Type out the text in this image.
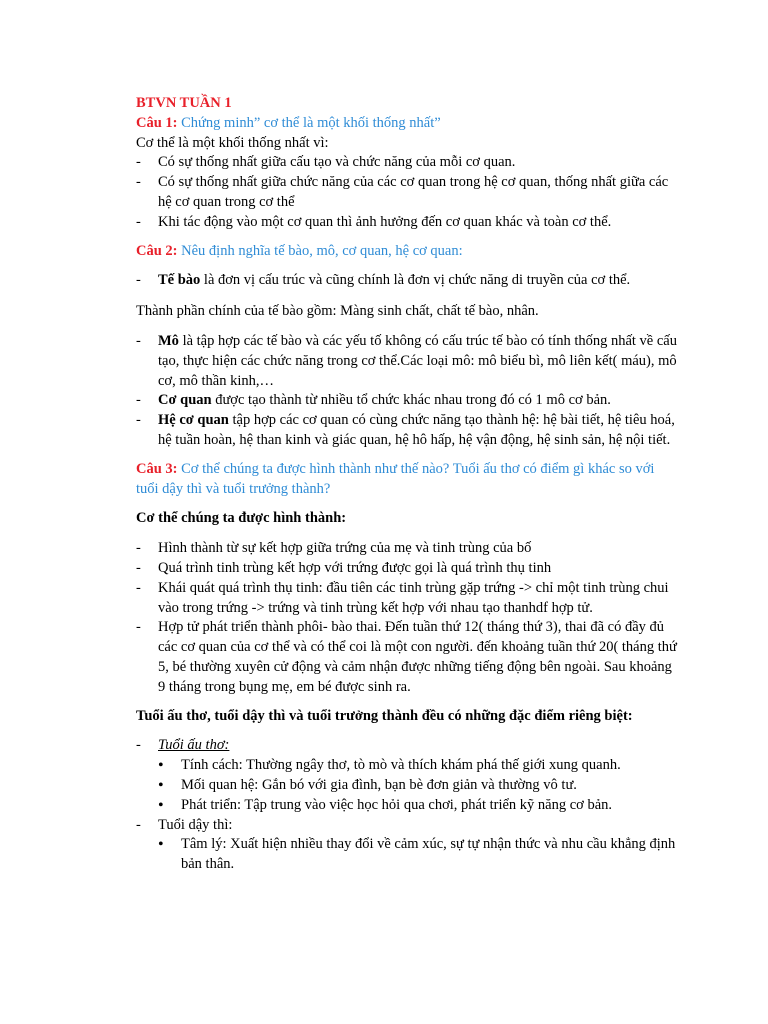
BTVN TUẦN 1

Câu 1: Chứng minh” cơ thể là một khối thống nhất”

Cơ thể là một khối thống nhất vì:

- Có sự thống nhất giữa cấu tạo và chức năng của mỗi cơ quan.

- Có sự thống nhất giữa chức năng của các cơ quan trong hệ cơ quan, thống nhất giữa các hệ cơ quan trong cơ thể

- Khi tác động vào một cơ quan thì ảnh hưởng đến cơ quan khác và toàn cơ thể.

Câu 2: Nêu định nghĩa tế bào, mô, cơ quan, hệ cơ quan:

- Tế bào là đơn vị cấu trúc và cũng chính là đơn vị chức năng di truyền của cơ thể.

Thành phần chính của tế bào gồm: Màng sinh chất, chất tế bào, nhân.

- Mô là tập hợp các tế bào và các yếu tố không có cấu trúc tế bào có tính thống nhất về cấu tạo, thực hiện các chức năng trong cơ thể.Các loại mô: mô biểu bì, mô liên kết( máu), mô cơ, mô thần kinh,…

- Cơ quan được tạo thành từ nhiều tổ chức khác nhau trong đó có 1 mô cơ bản.

- Hệ cơ quan tập hợp các cơ quan có cùng chức năng tạo thành hệ: hệ bài tiết, hệ tiêu hoá, hệ tuần hoàn, hệ than kinh và giác quan, hệ hô hấp, hệ vận động, hệ sinh sản, hệ nội tiết.

Câu 3: Cơ thể chúng ta được hình thành như thế nào? Tuổi ấu thơ có điểm gì khác so với tuổi dậy thì và tuổi trưởng thành?

Cơ thể chúng ta được hình thành:

- Hình thành từ sự kết hợp giữa trứng của mẹ và tinh trùng của bố

- Quá trình tinh trùng kết hợp với trứng được gọi là quá trình thụ tinh

- Khái quát quá trình thụ tinh: đầu tiên các tinh trùng gặp trứng -> chỉ một tinh trùng chui vào trong trứng -> trứng và tinh trùng kết hợp với nhau tạo thanhdf hợp tử.

- Hợp tử phát triển thành phôi- bào thai. Đến tuần thứ 12( tháng thứ 3), thai đã có đầy đủ các cơ quan của cơ thể và có thể coi là một con người. đến khoảng tuần thứ 20( tháng thứ 5, bé thường xuyên cử động và cảm nhận được những tiếng động bên ngoài. Sau khoảng 9 tháng trong bụng mẹ, em bé được sinh ra.

Tuổi ấu thơ, tuổi dậy thì và tuổi trưởng thành đều có những đặc điểm riêng biệt:

- Tuổi ấu thơ:

• Tính cách: Thường ngây thơ, tò mò và thích khám phá thế giới xung quanh.

• Mối quan hệ: Gắn bó với gia đình, bạn bè đơn giản và thường vô tư.

• Phát triển: Tập trung vào việc học hỏi qua chơi, phát triển kỹ năng cơ bản.

- Tuổi dậy thì:

• Tâm lý: Xuất hiện nhiều thay đổi về cảm xúc, sự tự nhận thức và nhu cầu khẳng định bản thân.
